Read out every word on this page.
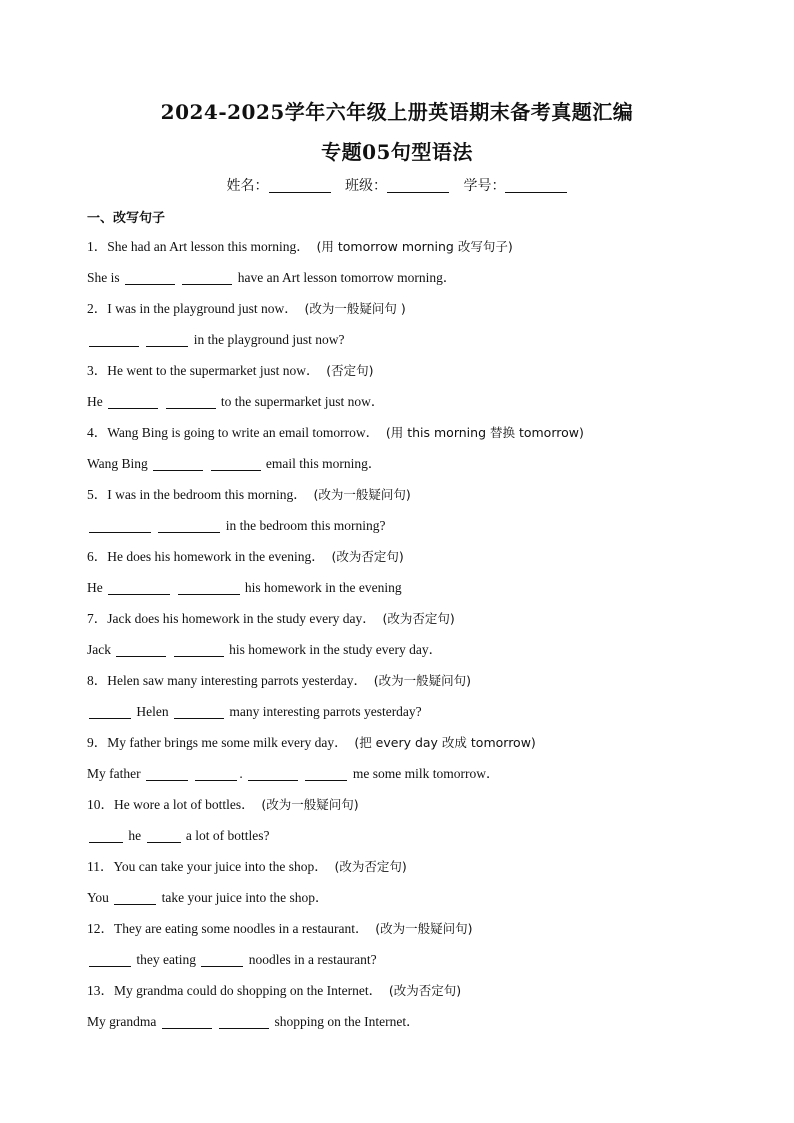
2024-2025学年六年级上册英语期末备考真题汇编
专题05句型语法
姓名：	班级：	学号：
一、改写句子
1．She had an Art lesson this morning． (用 tomorrow morning 改写句子)
She is	have an Art lesson tomorrow morning．
2．I was in the playground just now． (改为一般疑问句 )
in the playground just now?
3．He went to the supermarket just now． (否定句)
He	to the supermarket just now．
4．Wang Bing is going to write an email tomorrow． (用 this morning 替换 tomorrow)
Wang Bing	email this morning．
5．I was in the bedroom this morning． (改为一般疑问句)
in the bedroom this morning?
6．He does his homework in the evening． (改为否定句)
He	his homework in the evening
7．Jack does his homework in the study every day． (改为否定句)
Jack	his homework in the study every day．
8．Helen saw many interesting parrots yesterday． (改为一般疑问句)
Helen	many interesting parrots yesterday?
9．My father brings me some milk every day． (把 every day 改成 tomorrow)
My father	.	me some milk tomorrow．
10．He wore a lot of bottles． (改为一般疑问句)
he	a lot of bottles?
11．You can take your juice into the shop． (改为否定句)
You	take your juice into the shop．
12．They are eating some noodles in a restaurant． (改为一般疑问句)
they eating	noodles in a restaurant?
13．My grandma could do shopping on the Internet． (改为否定句)
My grandma	shopping on the Internet．
